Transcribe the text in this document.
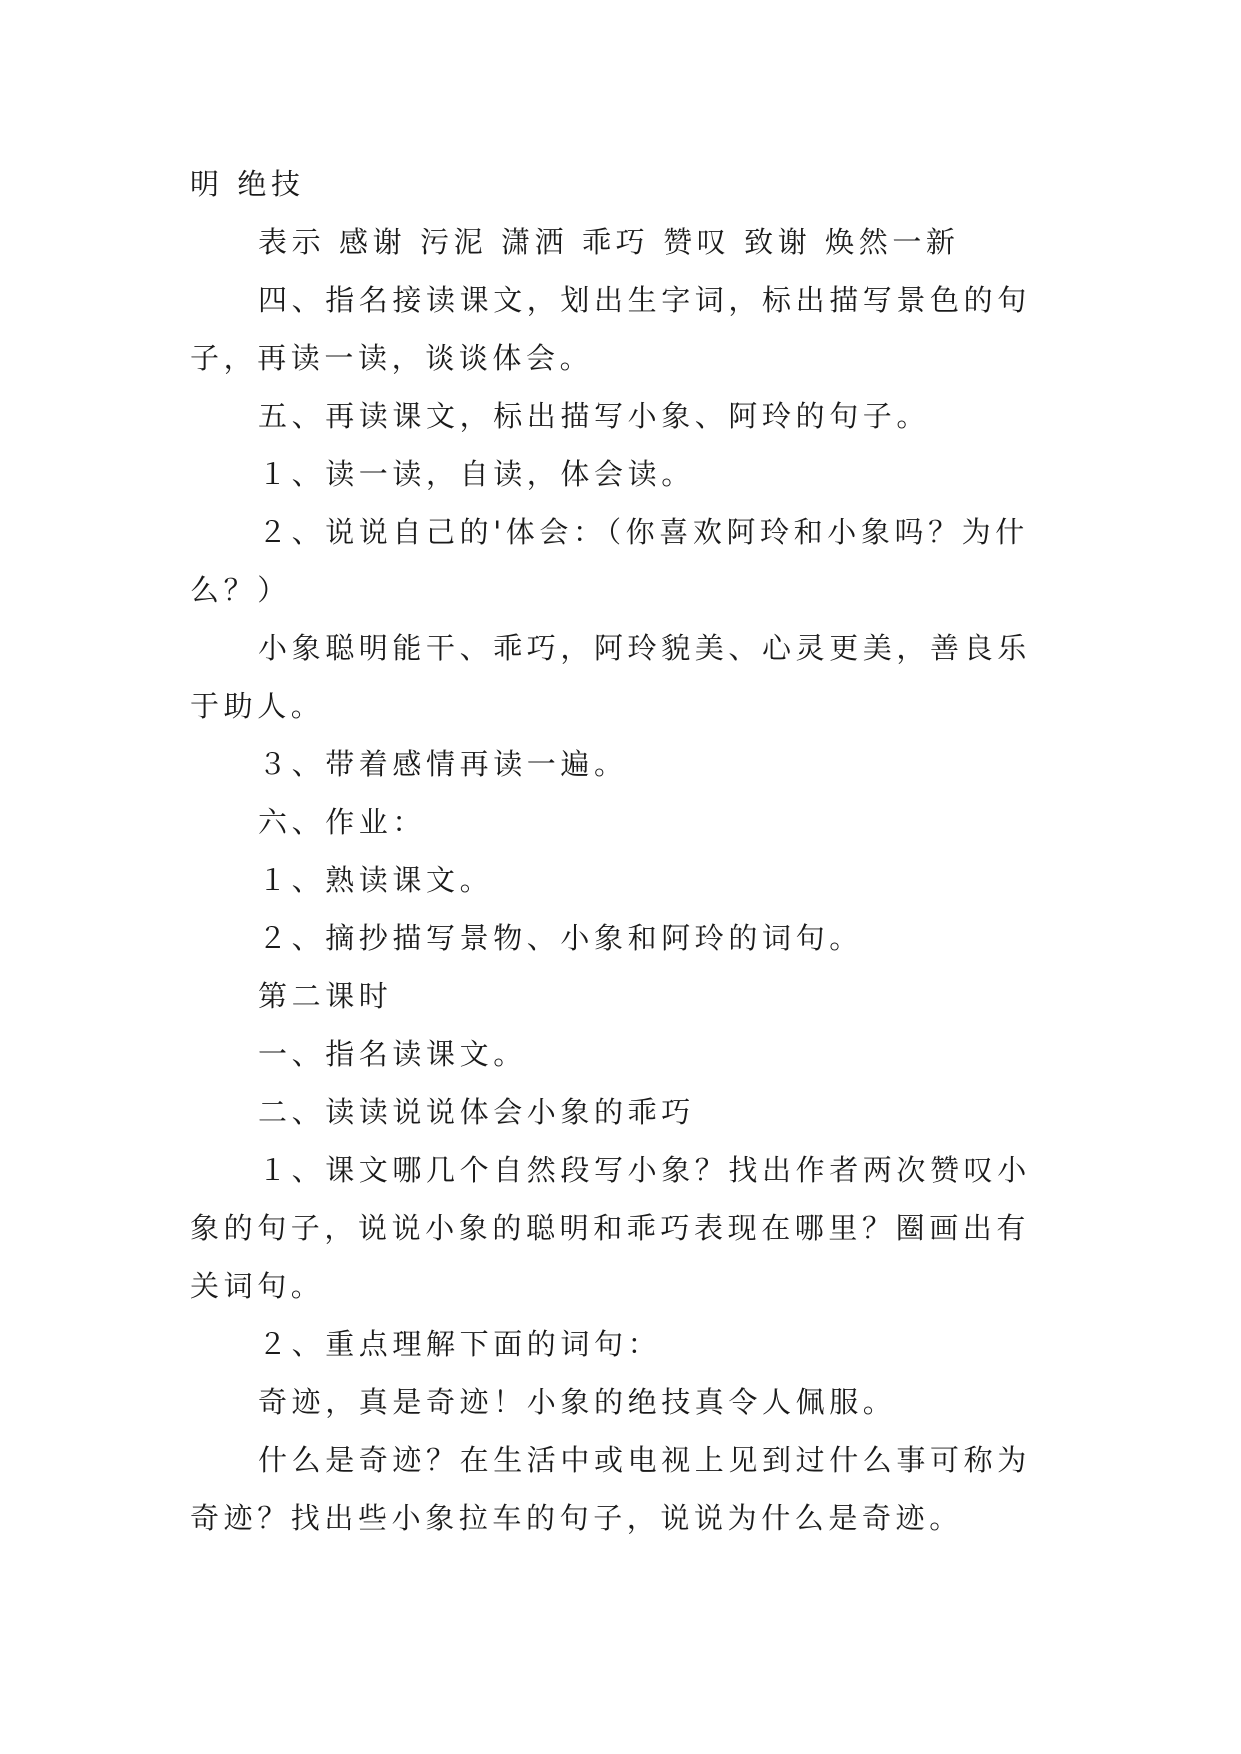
明 绝技

表示 感谢 污泥 潇洒 乖巧 赞叹 致谢 焕然一新

四、指名接读课文，划出生字词，标出描写景色的句子，再读一读，谈谈体会。

五、再读课文，标出描写小象、阿玲的句子。

１、读一读，自读，体会读。

２、说说自己的'体会：（你喜欢阿玲和小象吗？为什么？）

小象聪明能干、乖巧，阿玲貌美、心灵更美，善良乐于助人。

３、带着感情再读一遍。

六、作业：

１、熟读课文。

２、摘抄描写景物、小象和阿玲的词句。

第二课时

一、指名读课文。

二、读读说说体会小象的乖巧

１、课文哪几个自然段写小象？找出作者两次赞叹小象的句子，说说小象的聪明和乖巧表现在哪里？圈画出有关词句。

２、重点理解下面的词句：

奇迹，真是奇迹！小象的绝技真令人佩服。

什么是奇迹？在生活中或电视上见到过什么事可称为奇迹？找出些小象拉车的句子，说说为什么是奇迹。
